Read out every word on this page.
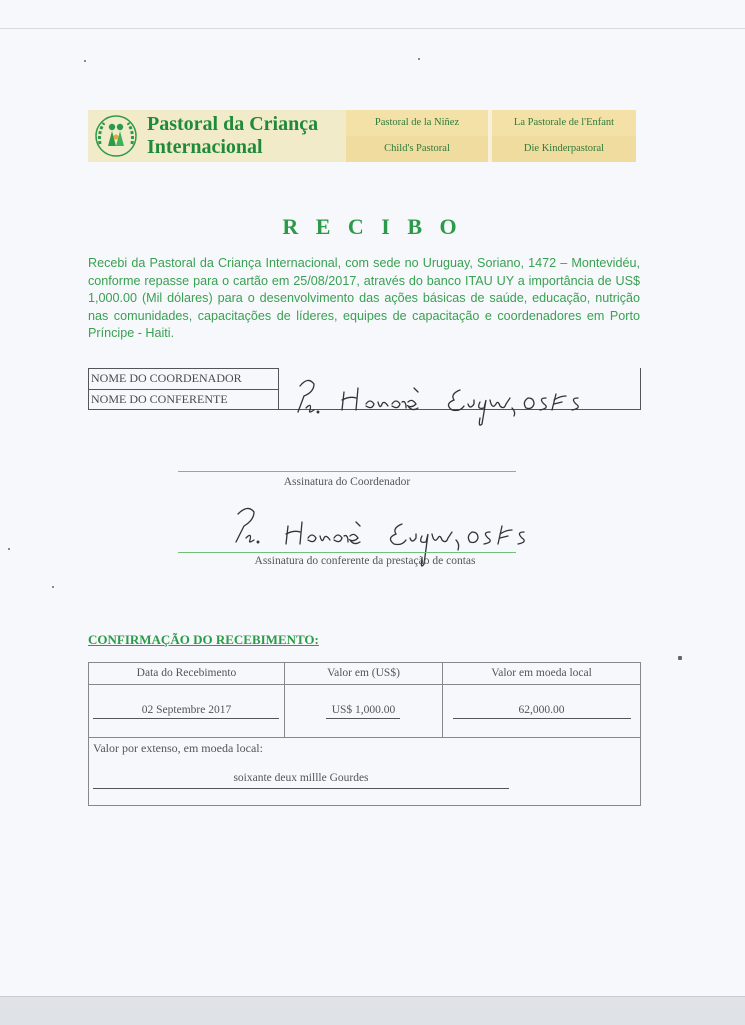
Pastoral da Criança
Internacional
Pastoral de la Niñez	La Pastorale de l'Enfant
Child's Pastoral	Die Kinderpastoral
R E C I B O
Recebi da Pastoral da Criança Internacional, com sede no Uruguay, Soriano, 1472 – Montevidéu, conforme repasse para o cartão em 25/08/2017, através do banco ITAU UY a importância de US$ 1,000.00 (Mil dólares) para o desenvolvimento das ações básicas de saúde, educação, nutrição nas comunidades, capacitações de líderes, equipes de capacitação e coordenadores em Porto Príncipe - Haiti.
NOME DO COORDENADOR
NOME DO CONFERENTE
Assinatura do Coordenador
Assinatura do conferente da prestação de contas
CONFIRMAÇÃO DO RECEBIMENTO:
Data do Recebimento	Valor em (US$)	Valor em moeda local
02 Septembre 2017	US$ 1,000.00	62,000.00
Valor por extenso, em moeda local:
soixante deux millle Gourdes
